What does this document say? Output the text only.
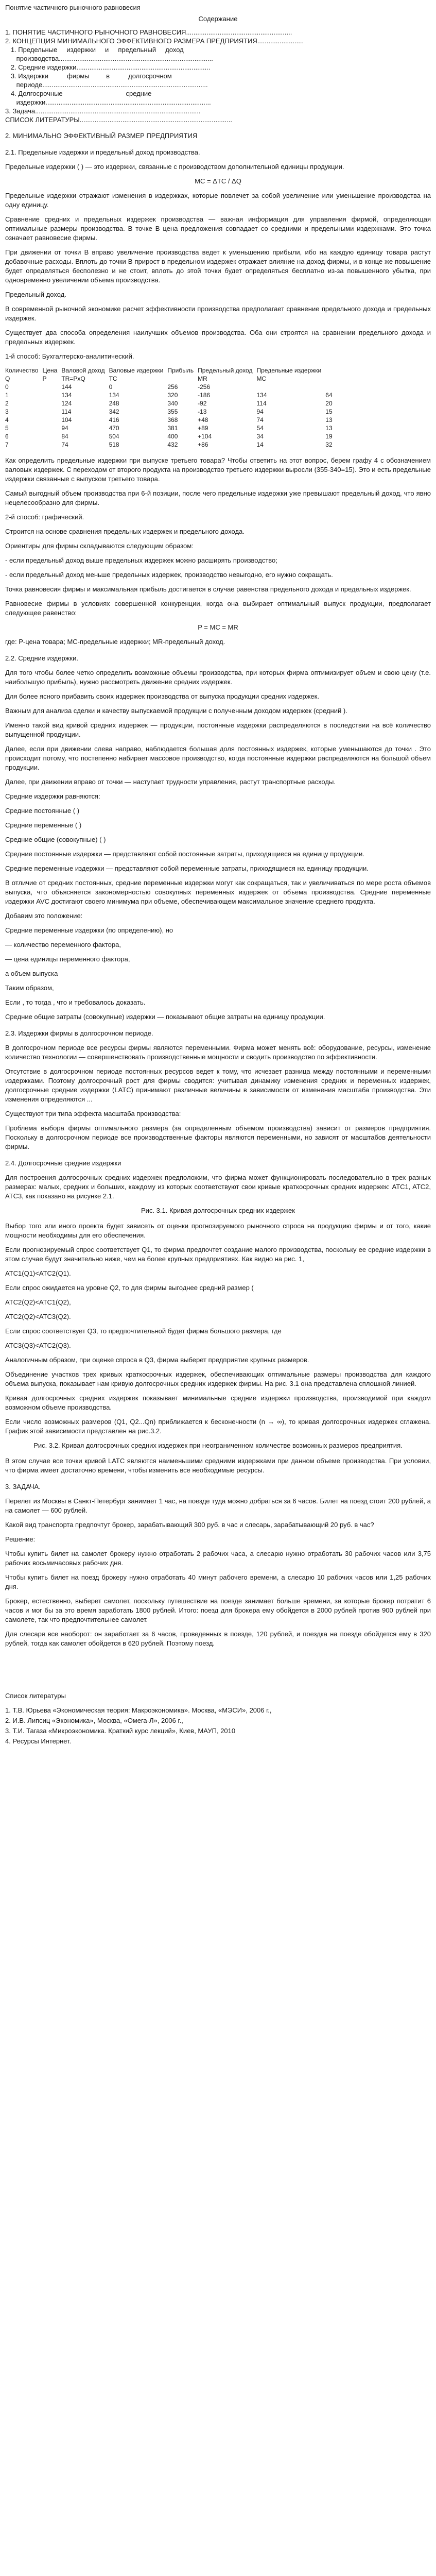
Понятие частичного рыночного равновесия
Содержание
1. ПОНЯТИЕ ЧАСТИЧНОГО РЫНОЧНОГО РАВНОВЕСИЯ.........................................................
2. КОНЦЕПЦИЯ МИНИМАЛЬНОГО ЭФФЕКТИВНОГО РАЗМЕРА ПРЕДПРИЯТИЯ.........................
1. Предельные     издержки     и     предельный     доход
производства...................................................................................
2. Средние издержки........................................................................
3. Издержки          фирмы         в          долгосрочном
периоде.........................................................................................
4. Долгосрочные                                  средние
издержки.........................................................................................
3. Задача.........................................................................................
СПИСОК ЛИТЕРАТУРЫ..................................................................................
2. МИНИМАЛЬНО ЭФФЕКТИВНЫЙ РАЗМЕР ПРЕДПРИЯТИЯ
2.1. Предельные издержки и предельный доход производства.

Предельные издержки ( ) — это издержки, связанные с производством дополнительной единицы продукции.

MC = ΔTC / ΔQ

Предельные издержки отражают изменения в издержках, которые повлечет за собой увеличение или уменьшение производства на одну единицу.

Сравнение средних и предельных издержек производства — важная информация для управления фирмой, определяющая оптимальные размеры производства. В точке В цена предложения совпадает со средними и предельными издержками. Это точка означает равновесие фирмы.

При движении от точки В вправо увеличение производства ведет к уменьшению прибыли, ибо на каждую единицу товара растут добавочные расходы. Вплоть до точки В прирост в предельном издержек отражает влияние на доход фирмы, и в конце же повышение будет определяться бесполезно и не стоит, вплоть до этой точки будет определяться бесплатно из-за повышенного убытка, при одновременно увеличении объема производства.

Предельный доход.

В современной рыночной экономике расчет эффективности производства предполагает сравнение предельного дохода и предельных издержек.

Существует два способа определения наилучших объемов производства. Оба они строятся на сравнении предельного дохода и предельных издержек.

1-й способ: Бухгалтерско-аналитический.

Количество	Цена	Валовой доход	Валовые издержки	Прибыль	Предельный доход	Предельные издержки	
Q	P	TR=PxQ	TC		MR	MC	
0		144	0	256	-256		
1		134	134	320	-186	134	64
2		124	248	340	-92	114	20
3		114	342	355	-13	94	15
4		104	416	368	+48	74	13
5		94	470	381	+89	54	13
6		84	504	400	+104	34	19
7		74	518	432	+86	14	32

Как определить предельные издержки при выпуске третьего товара? Чтобы ответить на этот вопрос, берем графу 4 с обозначением валовых издержек. С переходом от второго продукта на производство третьего издержки выросли (355-340=15). Это и есть предельные издержки связанные с выпуском третьего товара.

Самый выгодный объем производства при 6-й позиции, после чего предельные издержки уже превышают предельный доход, что явно нецелесообразно для фирмы.

2-й способ: графический.

Строится на основе сравнения предельных издержек и предельного дохода.

Ориентиры для фирмы складываются следующим образом:

- если предельный доход выше предельных издержек можно расширять производство;

- если предельный доход меньше предельных издержек, производство невыгодно, его нужно сокращать.

Точка равновесия фирмы и максимальная прибыль достигается в случае равенства предельного дохода и предельных издержек.

Равновесие фирмы в условиях совершенной конкуренции, когда она выбирает оптимальный выпуск продукции, предполагает следующее равенство:

P = MC = MR

где: Р-цена товара; МС-предельные издержки; МR-предельный доход.

2.2. Средние издержки.

Для того чтобы более четко определить возможные объемы производства, при которых фирма оптимизирует объем и свою цену (т.е. наибольшую прибыль), нужно рассмотреть движение средних издержек.

Для более ясного прибавить своих издержек производства от выпуска продукции средних издержек.

Важным для анализа сделки и качеству выпускаемой продукции с полученным доходом издержек (средний ).

Именно такой вид кривой средних издержек — продукции, постоянные издержки распределяются в последствии на всё количество выпущенной продукции.

Далее, если при движении слева направо, наблюдается большая доля постоянных издержек, которые уменьшаются до точки . Это происходит потому, что постепенно набирает массовое производство, когда постоянные издержки распределяются на большой объем продукции.

Далее, при движении вправо от точки — наступает трудности управления, растут транспортные расходы.

Средние издержки равняются:

Средние постоянные ( )

Средние переменные ( )

Средние общие (совокупные) ( )

Средние постоянные издержки — представляют собой постоянные затраты, приходящиеся на единицу продукции.

Средние переменные издержки — представляют собой переменные затраты, приходящиеся на единицу продукции.

В отличие от средних постоянных, средние переменные издержки могут как сокращаться, так и увеличиваться по мере роста объемов выпуска, что объясняется закономерностью совокупных переменных издержек от объема производства. Средние переменные издержки AVC достигают своего минимума при объеме, обеспечивающем максимальное значение среднего продукта.

Добавим это положение:

Средние переменные издержки (по определению), но

— количество переменного фактора,

— цена единицы переменного фактора,

а объем выпуска

Таким образом,

Если , то тогда , что и требовалось доказать.

Средние общие затраты (совокупные) издержки — показывают общие затраты на единицу продукции.

2.3. Издержки фирмы в долгосрочном периоде.

В долгосрочном периоде все ресурсы фирмы являются переменными. Фирма может менять всё: оборудование, ресурсы, изменение количество технологии — совершенствовать производственные мощности и сводить производство по эффективности.

Отсутствие в долгосрочном периоде постоянных ресурсов ведет к тому, что исчезает разница между постоянными и переменными издержками. Поэтому долгосрочный рост для фирмы сводится: учитывая динамику изменения средних и переменных издержек, долгосрочные средние издержки (LATC) принимают различные величины в зависимости от изменения масштаба производства. Эти изменения определяются ...

Существуют три типа эффекта масштаба производства:

Проблема выбора фирмы оптимального размера (за определенным объемом производства) зависит от размеров предприятия. Поскольку в долгосрочном периоде все производственные факторы являются переменными, но зависят от масштабов деятельности фирмы.

2.4. Долгосрочные средние издержки

Для построения долгосрочных средних издержек предположим, что фирма может функционировать последовательно в трех разных размерах: малых, средних и больших, каждому из которых соответствуют свои кривые краткосрочных средних издержек: ATC1, ATC2, ATC3, как показано на рисунке 2.1.

Рис. 3.1. Кривая долгосрочных средних издержек

Выбор того или иного проекта будет зависеть от оценки прогнозируемого рыночного спроса на продукцию фирмы и от того, какие мощности необходимы для его обеспечения.

Если прогнозируемый спрос соответствует Q1, то фирма предпочтет создание малого производства, поскольку ее средние издержки в этом случае будут значительно ниже, чем на более крупных предприятиях. Как видно на рис. 1,

ATC1(Q1)<ATC2(Q1).

Если спрос ожидается на уровне Q2, то для фирмы выгоднее средний размер (

ATC2(Q2)<ATC1(Q2),

ATC2(Q2)<ATC3(Q2).

Если спрос соответствует Q3, то предпочтительной будет фирма большого размера, где

ATC3(Q3)<ATC2(Q3).

Аналогичным образом, при оценке спроса в Q3, фирма выберет предприятие крупных размеров.

Объединение участков трех кривых краткосрочных издержек, обеспечивающих оптимальные размеры производства для каждого объема выпуска, показывает нам кривую долгосрочных средних издержек фирмы. На рис. 3.1 она представлена сплошной линией.

Кривая долгосрочных средних издержек показывает минимальные средние издержки производства, производимой при каждом возможном объеме производства.

Если число возможных размеров (Q1, Q2...Qn) приближается к бесконечности (n → ∞), то кривая долгосрочных издержек сглажена. График этой зависимости представлен на рис.3.2.

Рис. 3.2. Кривая долгосрочных средних издержек при неограниченном количестве возможных размеров предприятия.

В этом случае все точки кривой LATC являются наименьшими средними издержками при данном объеме производства. При условии, что фирма имеет достаточно времени, чтобы изменить все необходимые ресурсы.

3. ЗАДАЧА.

Перелет из Москвы в Санкт-Петербург занимает 1 час, на поезде туда можно добраться за 6 часов. Билет на поезд стоит 200 рублей, а на самолет — 600 рублей.

Какой вид транспорта предпочтут брокер, зарабатывающий 300 руб. в час и слесарь, зарабатывающий 20 руб. в час?

Решение:

Чтобы купить билет на самолет брокеру нужно отработать 2 рабочих часа, а слесарю нужно отработать 30 рабочих часов или 3,75 рабочих восьмичасовых рабочих дня.

Чтобы купить билет на поезд брокеру нужно отработать 40 минут рабочего времени, а слесарю 10 рабочих часов или 1,25 рабочих дня.

Брокер, естественно, выберет самолет, поскольку путешествие на поезде занимает больше времени, за которые брокер потратит 6 часов и мог бы за это время заработать 1800 рублей. Итого: поезд для брокера ему обойдется в 2000 рублей против 900 рублей при самолете, так что предпочтительнее самолет.

Для слесаря все наоборот: он заработает за 6 часов, проведенных в поезде, 120 рублей, и поездка на поезде обойдется ему в 320 рублей, тогда как самолет обойдется в 620 рублей. Поэтому поезд.

Список литературы
1. Т.В. Юрьева «Экономическая теория: Макроэкономика». Москва, «МЭСИ», 2006 г.,
2. И.В. Липсиц «Экономика», Москва, «Омега-Л», 2006 г.,
3. Т.И. Тагаза «Микроэкономика. Краткий курс лекций», Киев, МАУП, 2010
4. Ресурсы Интернет.
